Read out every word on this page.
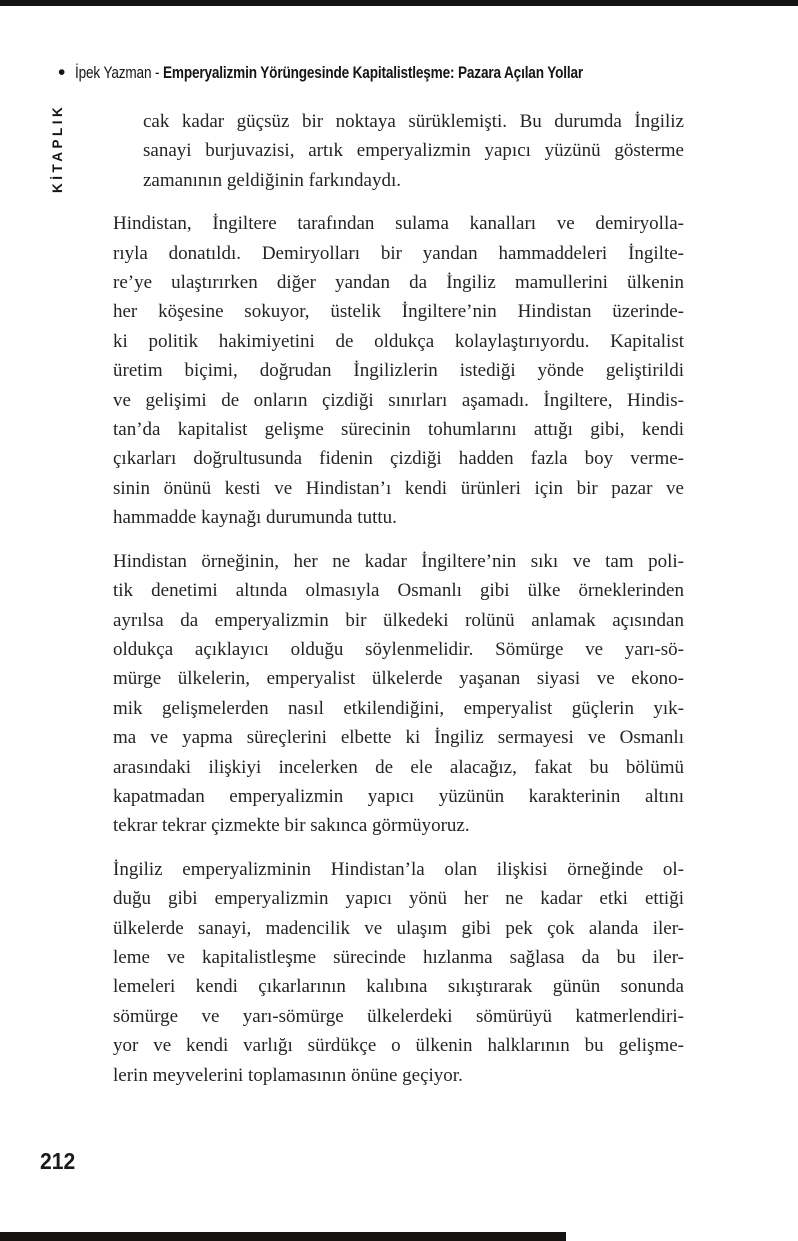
• İpek Yazman - Emperyalizmin Yörüngesinde Kapitalistleşme: Pazara Açılan Yollar
KİTAPLIK	cak kadar güçsüz bir noktaya sürüklemişti. Bu durumda İngiliz
sanayi burjuvazisi, artık emperyalizmin yapıcı yüzünü gösterme
zamanının geldiğinin farkındaydı.
Hindistan, İngiltere tarafından sulama kanalları ve demiryolla-
rıyla donatıldı. Demiryolları bir yandan hammaddeleri İngilte-
re’ye ulaştırırken diğer yandan da İngiliz mamullerini ülkenin
her köşesine sokuyor, üstelik İngiltere’nin Hindistan üzerinde-
ki politik hakimiyetini de oldukça kolaylaştırıyordu. Kapitalist
üretim biçimi, doğrudan İngilizlerin istediği yönde geliştirildi
ve gelişimi de onların çizdiği sınırları aşamadı. İngiltere, Hindis-
tan’da kapitalist gelişme sürecinin tohumlarını attığı gibi, kendi
çıkarları doğrultusunda fidenin çizdiği hadden fazla boy verme-
sinin önünü kesti ve Hindistan’ı kendi ürünleri için bir pazar ve
hammadde kaynağı durumunda tuttu.
Hindistan örneğinin, her ne kadar İngiltere’nin sıkı ve tam poli-
tik denetimi altında olmasıyla Osmanlı gibi ülke örneklerinden
ayrılsa da emperyalizmin bir ülkedeki rolünü anlamak açısından
oldukça açıklayıcı olduğu söylenmelidir. Sömürge ve yarı-sö-
mürge ülkelerin, emperyalist ülkelerde yaşanan siyasi ve ekono-
mik gelişmelerden nasıl etkilendiğini, emperyalist güçlerin yık-
ma ve yapma süreçlerini elbette ki İngiliz sermayesi ve Osmanlı
arasındaki ilişkiyi incelerken de ele alacağız, fakat bu bölümü
kapatmadan emperyalizmin yapıcı yüzünün karakterinin altını
tekrar tekrar çizmekte bir sakınca görmüyoruz.
İngiliz emperyalizminin Hindistan’la olan ilişkisi örneğinde ol-
duğu gibi emperyalizmin yapıcı yönü her ne kadar etki ettiği
ülkelerde sanayi, madencilik ve ulaşım gibi pek çok alanda iler-
leme ve kapitalistleşme sürecinde hızlanma sağlasa da bu iler-
lemeleri kendi çıkarlarının kalıbına sıkıştırarak günün sonunda
sömürge ve yarı-sömürge ülkelerdeki sömürüyü katmerlendiri-
yor ve kendi varlığı sürdükçe o ülkenin halklarının bu gelişme-
lerin meyvelerini toplamasının önüne geçiyor.
212
